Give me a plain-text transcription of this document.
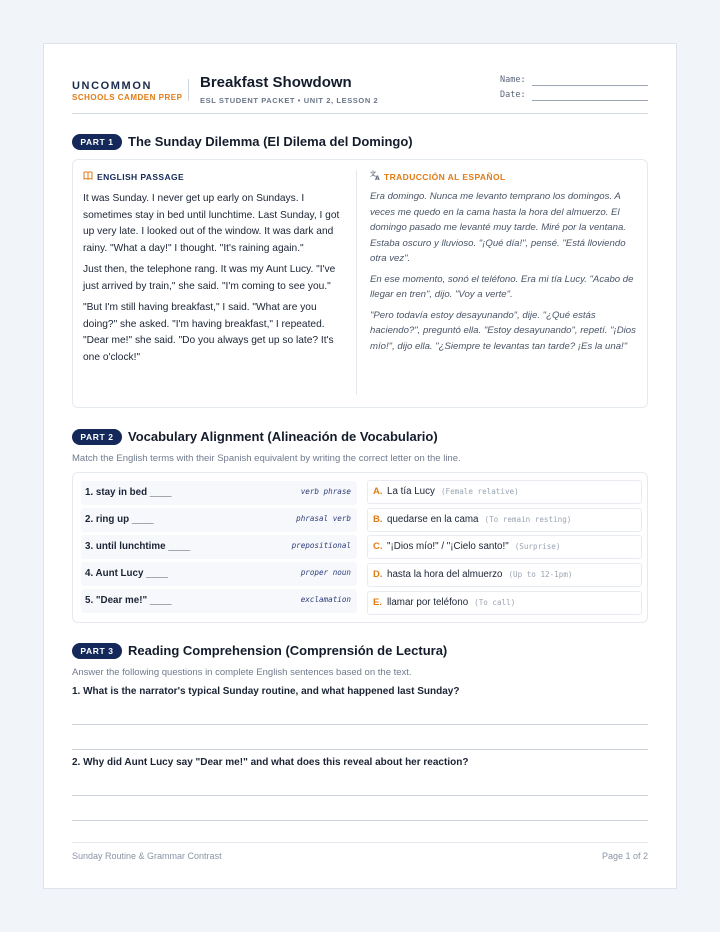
UNCOMMON
SCHOOLS CAMDEN PREP
Breakfast Showdown
ESL STUDENT PACKET • UNIT 2, LESSON 2
Name:
Date:
PART 1	The Sunday Dilemma (El Dilema del Domingo)
ENGLISH PASSAGE

It was Sunday. I never get up early on Sundays. I sometimes stay in bed until lunchtime. Last Sunday, I got up very late. I looked out of the window. It was dark and rainy. "What a day!" I thought. "It's raining again."

Just then, the telephone rang. It was my Aunt Lucy. "I've just arrived by train," she said. "I'm coming to see you."

"But I'm still having breakfast," I said. "What are you doing?" she asked. "I'm having breakfast," I repeated. "Dear me!" she said. "Do you always get up so late? It's one o'clock!"

文
A TRADUCCIÓN AL ESPAÑOL

Era domingo. Nunca me levanto temprano los domingos. A veces me quedo en la cama hasta la hora del almuerzo. El domingo pasado me levanté muy tarde. Miré por la ventana. Estaba oscuro y lluvioso. "¡Qué día!", pensé. "Está lloviendo otra vez".

En ese momento, sonó el teléfono. Era mi tía Lucy. "Acabo de llegar en tren", dijo. "Voy a verte".

"Pero todavía estoy desayunando", dije. "¿Qué estás haciendo?", preguntó ella. "Estoy desayunando", repetí. "¡Dios mío!", dijo ella. "¿Siempre te levantas tan tarde? ¡Es la una!"

PART 2	Vocabulary Alignment (Alineación de Vocabulario)
Match the English terms with their Spanish equivalent by writing the correct letter on the line.
1. stay in bed ____	verb phrase
2. ring up ____	phrasal verb
3. until lunchtime ____	prepositional
4. Aunt Lucy ____	proper noun
5. "Dear me!" ____	exclamation
A. La tía Lucy (Female relative)
B. quedarse en la cama (To remain resting)
C. "¡Dios mío!" / "¡Cielo santo!" (Surprise)
D. hasta la hora del almuerzo (Up to 12-1pm)
E. llamar por teléfono (To call)
PART 3	Reading Comprehension (Comprensión de Lectura)
Answer the following questions in complete English sentences based on the text.
1. What is the narrator's typical Sunday routine, and what happened last Sunday?
2. Why did Aunt Lucy say "Dear me!" and what does this reveal about her reaction?
Sunday Routine & Grammar Contrast	Page 1 of 2
